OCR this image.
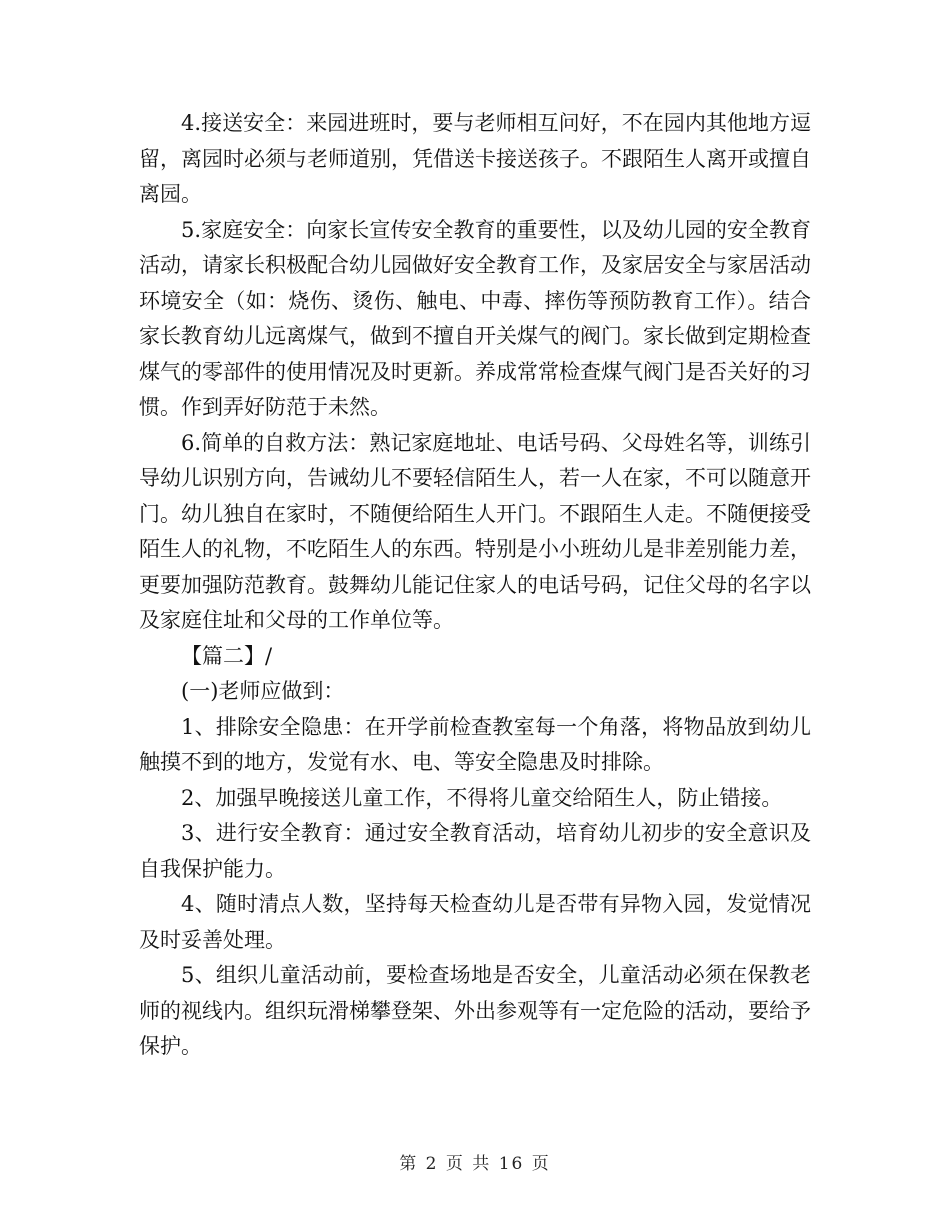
4.接送安全：来园进班时，要与老师相互问好，不在园内其他地方逗留，离园时必须与老师道别，凭借送卡接送孩子。不跟陌生人离开或擅自离园。

5.家庭安全：向家长宣传安全教育的重要性，以及幼儿园的安全教育活动，请家长积极配合幼儿园做好安全教育工作，及家居安全与家居活动环境安全（如：烧伤、烫伤、触电、中毒、摔伤等预防教育工作）。结合家长教育幼儿远离煤气，做到不擅自开关煤气的阀门。家长做到定期检查煤气的零部件的使用情况及时更新。养成常常检查煤气阀门是否关好的习惯。作到弄好防范于未然。

6.简单的自救方法：熟记家庭地址、电话号码、父母姓名等，训练引导幼儿识别方向，告诫幼儿不要轻信陌生人，若一人在家，不可以随意开门。幼儿独自在家时，不随便给陌生人开门。不跟陌生人走。不随便接受陌生人的礼物，不吃陌生人的东西。特别是小小班幼儿是非差别能力差，更要加强防范教育。鼓舞幼儿能记住家人的电话号码，记住父母的名字以及家庭住址和父母的工作单位等。

【篇二】/

(一)老师应做到：

1、排除安全隐患：在开学前检查教室每一个角落，将物品放到幼儿触摸不到的地方，发觉有水、电、等安全隐患及时排除。

2、加强早晚接送儿童工作，不得将儿童交给陌生人，防止错接。

3、进行安全教育：通过安全教育活动，培育幼儿初步的安全意识及自我保护能力。

4、随时清点人数，坚持每天检查幼儿是否带有异物入园，发觉情况及时妥善处理。

5、组织儿童活动前，要检查场地是否安全，儿童活动必须在保教老师的视线内。组织玩滑梯攀登架、外出参观等有一定危险的活动，要给予保护。

第 2 页 共 16 页
